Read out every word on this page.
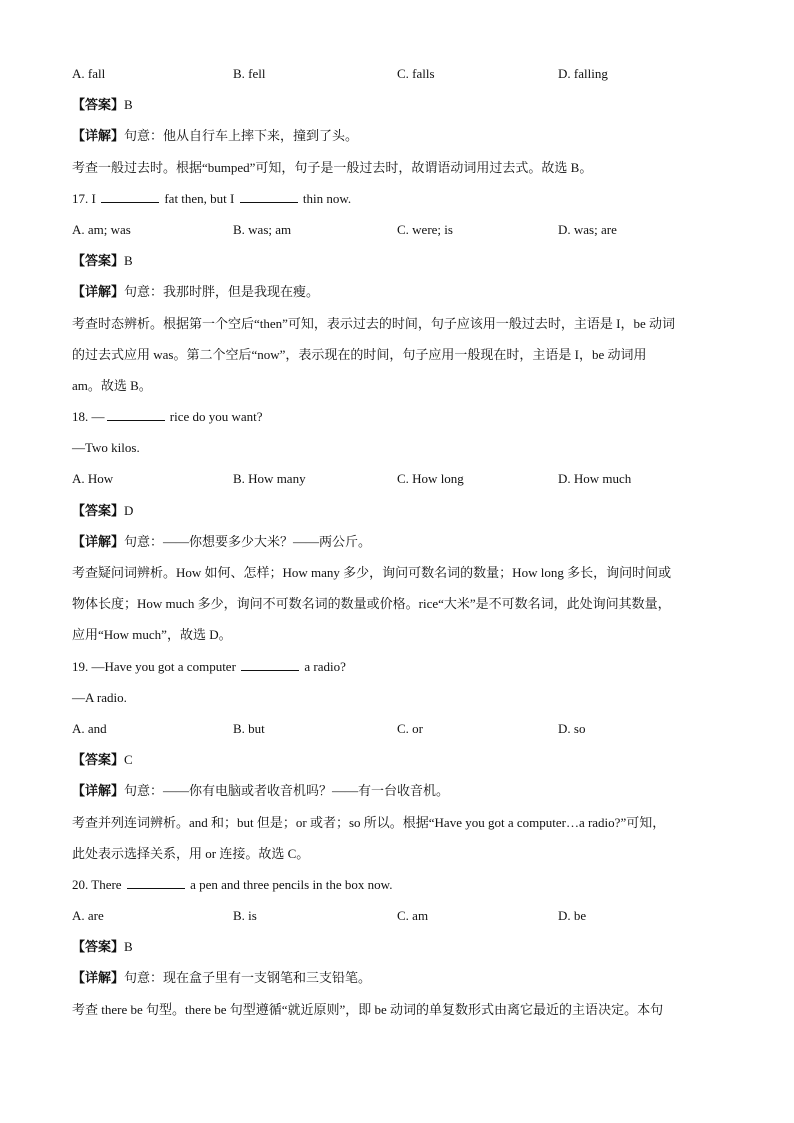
A. fall	B. fell	C. falls	D. falling
【答案】B
【详解】句意：他从自行车上摔下来，撞到了头。
考查一般过去时。根据“bumped”可知，句子是一般过去时，故谓语动词用过去式。故选 B。
17. I	fat then, but I	thin now.
A. am; was	B. was; am	C. were; is	D. was; are
【答案】B
【详解】句意：我那时胖，但是我现在瘦。
考查时态辨析。根据第一个空后“then”可知，表示过去的时间，句子应该用一般过去时，主语是 I，be 动词
的过去式应用 was。第二个空后“now”，表示现在的时间，句子应用一般现在时，主语是 I，be 动词用
am。故选 B。
18. —	rice do you want?
—Two kilos.
A. How	B. How many	C. How long	D. How much
【答案】D
【详解】句意：——你想要多少大米？——两公斤。
考查疑问词辨析。How 如何、怎样；How many 多少，询问可数名词的数量；How long 多长，询问时间或
物体长度；How much 多少，询问不可数名词的数量或价格。rice“大米”是不可数名词，此处询问其数量，
应用“How much”，故选 D。
19. —Have you got a computer	a radio?
—A radio.
A. and	B. but	C. or	D. so
【答案】C
【详解】句意：——你有电脑或者收音机吗？——有一台收音机。
考查并列连词辨析。and 和；but 但是；or 或者；so 所以。根据“Have you got a computer…a radio?”可知，
此处表示选择关系，用 or 连接。故选 C。
20. There	a pen and three pencils in the box now.
A. are	B. is	C. am	D. be
【答案】B
【详解】句意：现在盒子里有一支钢笔和三支铅笔。
考查 there be 句型。there be 句型遵循“就近原则”，即 be 动词的单复数形式由离它最近的主语决定。本句
